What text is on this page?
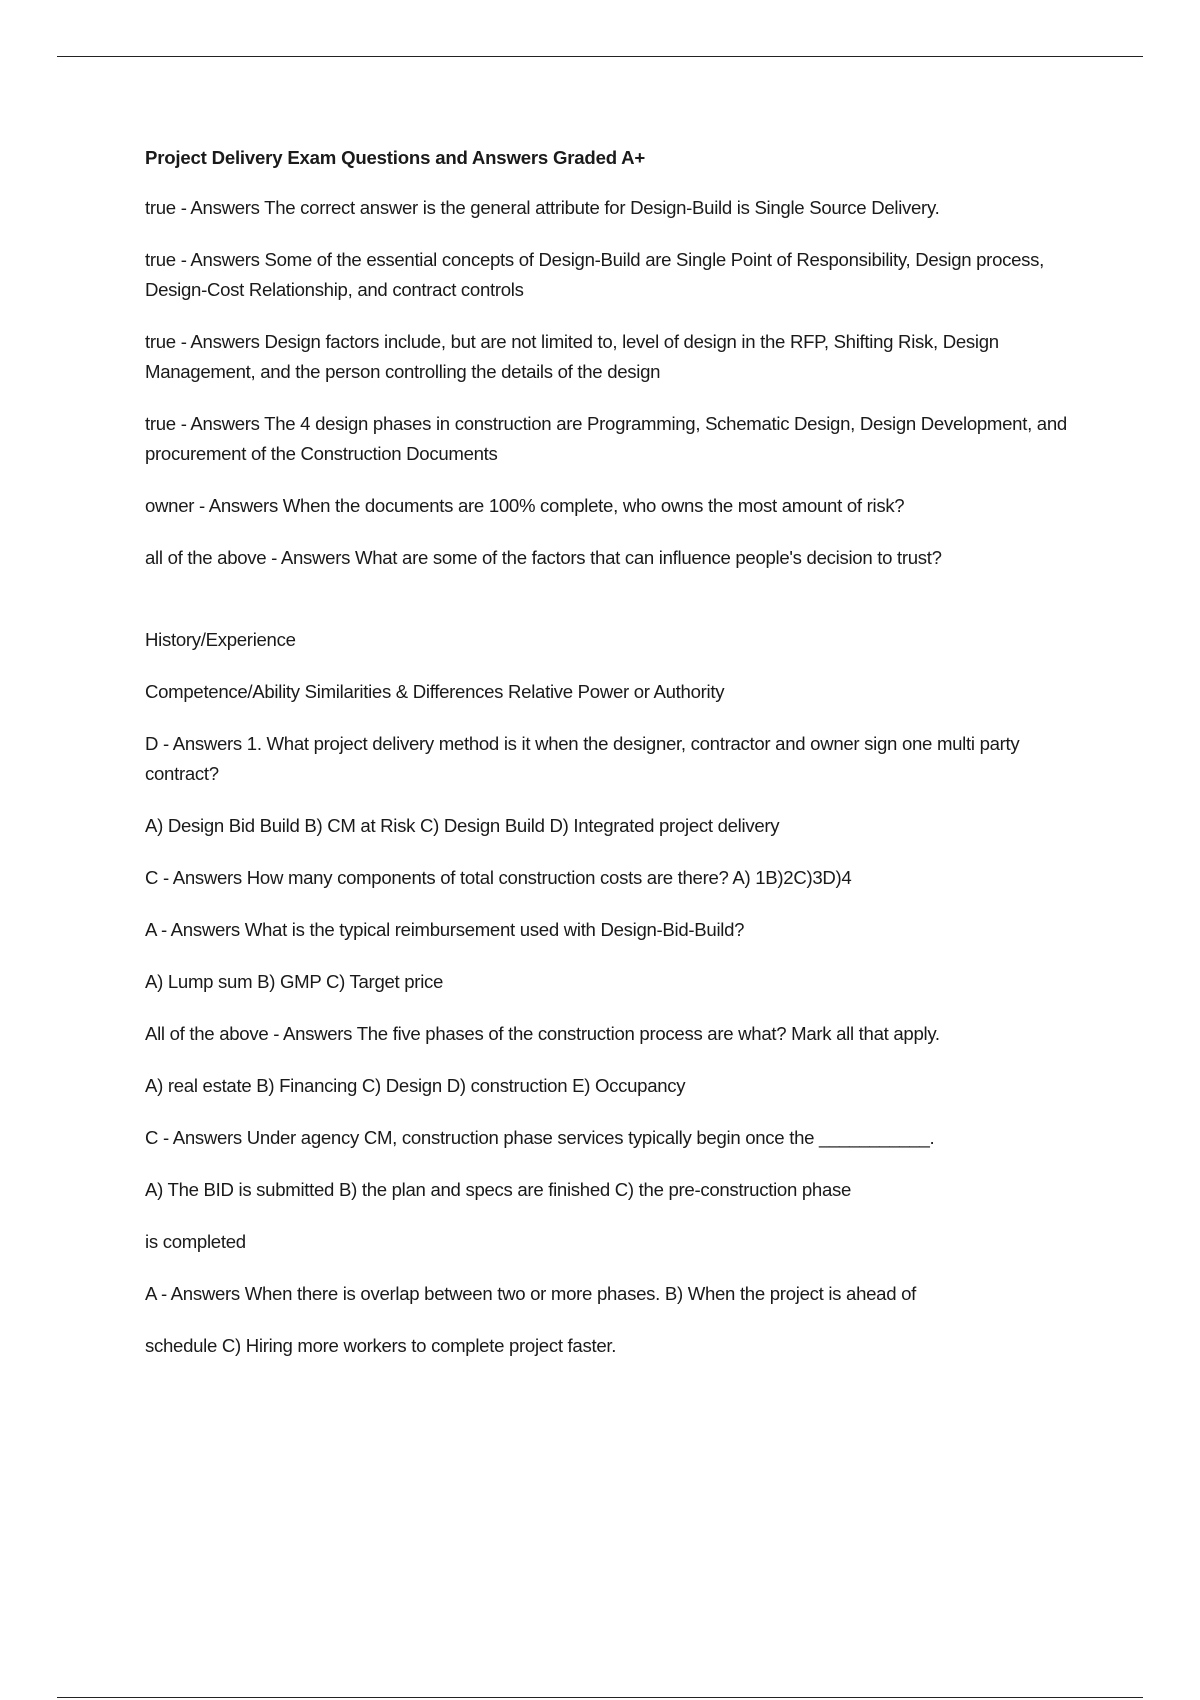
Project Delivery Exam Questions and Answers Graded A+
true - Answers The correct answer is the general attribute for Design-Build is Single Source Delivery.
true - Answers Some of the essential concepts of Design-Build are Single Point of Responsibility, Design process, Design-Cost Relationship, and contract controls
true - Answers Design factors include, but are not limited to, level of design in the RFP, Shifting Risk, Design Management, and the person controlling the details of the design
true - Answers The 4 design phases in construction are Programming, Schematic Design, Design Development, and procurement of the Construction Documents
owner - Answers When the documents are 100% complete, who owns the most amount of risk?
all of the above - Answers What are some of the factors that can influence people's decision to trust?
History/Experience
Competence/Ability Similarities & Differences Relative Power or Authority
D - Answers 1. What project delivery method is it when the designer, contractor and owner sign one multi party contract?
A) Design Bid Build B) CM at Risk C) Design Build D) Integrated project delivery
C - Answers How many components of total construction costs are there? A) 1B)2C)3D)4
A - Answers What is the typical reimbursement used with Design-Bid-Build?
A) Lump sum B) GMP C) Target price
All of the above - Answers The five phases of the construction process are what? Mark all that apply.
A) real estate B) Financing C) Design D) construction E) Occupancy
C - Answers Under agency CM, construction phase services typically begin once the ___________.
A) The BID is submitted B) the plan and specs are finished C) the pre-construction phase
is completed
A - Answers When there is overlap between two or more phases. B) When the project is ahead of
schedule C) Hiring more workers to complete project faster.
